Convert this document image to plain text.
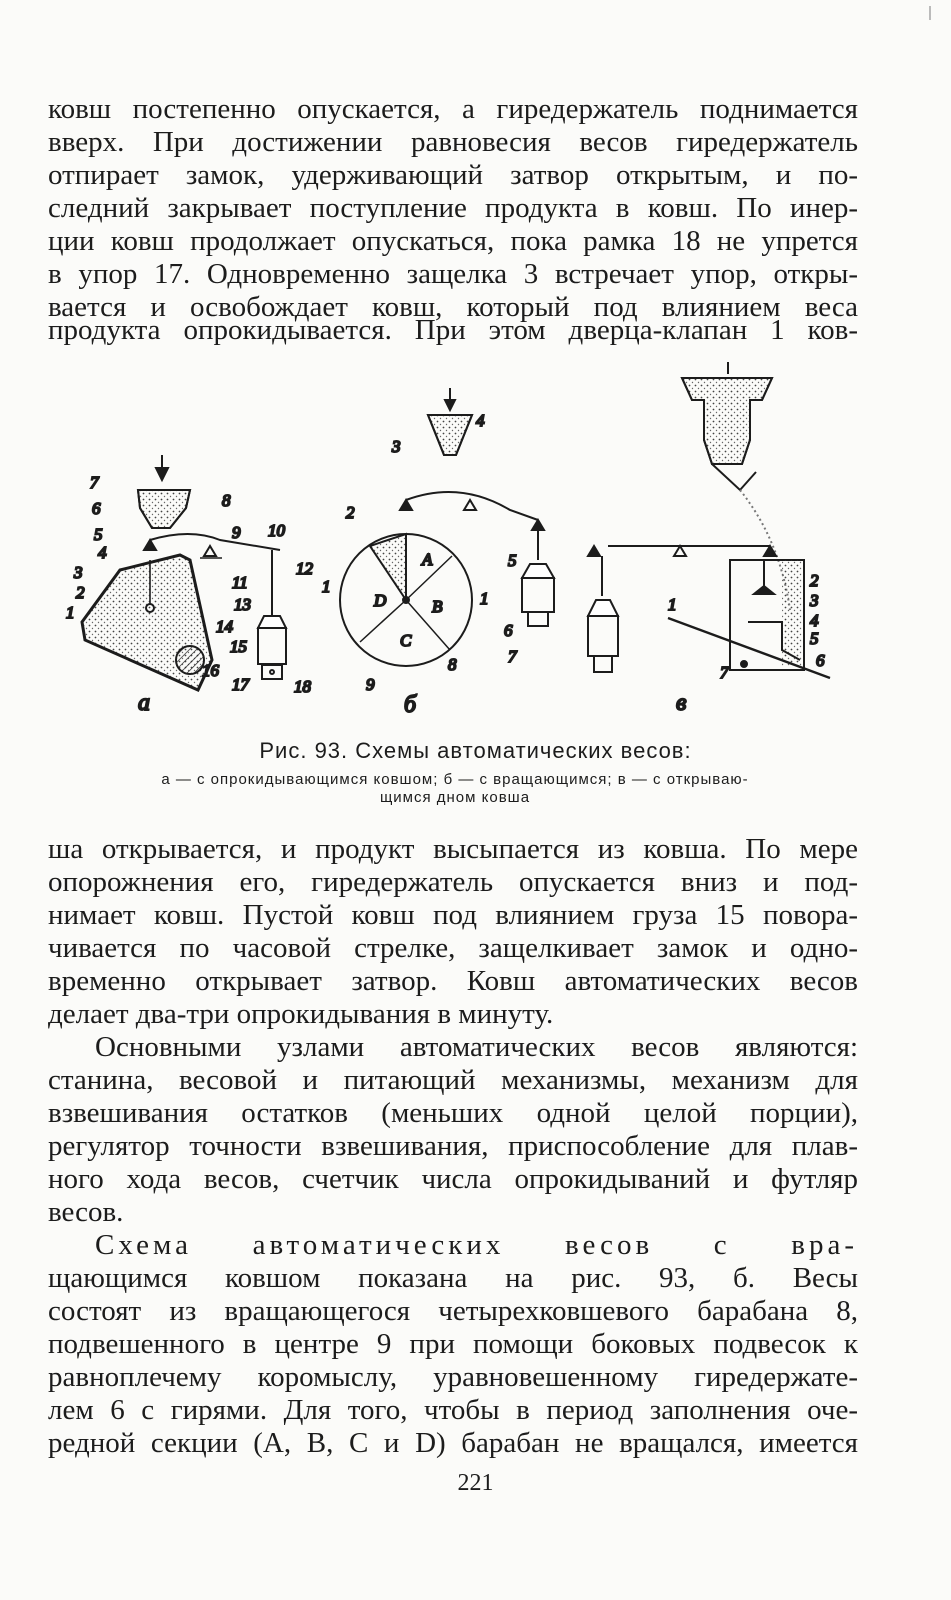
ковш постепенно опускается, а гиредержатель поднимается
вверх. При достижении равновесия весов гиредержатель
отпирает замок, удерживающий затвор открытым, и по-
следний закрывает поступление продукта в ковш. По инер-
ции ковш продолжает опускаться, пока рамка 18 не упрется
в упор 17. Одновременно защелка 3 встречает упор, откры-
вается и освобождает ковш, который под влиянием веса
продукта опрокидывается. При этом дверца-клапан 1 ков-
7
6
5
4
3
2
1
8
9 10
11
12
13
14
15
16
17	18
а
3
4
2
1
1
5
6
7
8
9
A
B
C
D
б
1
2
3
4
5
6
7
в
Рис. 93. Схемы автоматических весов:
а — с опрокидывающимся ковшом; б — с вращающимся; в — с открываю-
щимся дном ковша
ша открывается, и продукт высыпается из ковша. По мере
опорожнения его, гиредержатель опускается вниз и под-
нимает ковш. Пустой ковш под влиянием груза 15 повора-
чивается по часовой стрелке, защелкивает замок и одно-
временно открывает затвор. Ковш автоматических весов
делает два-три опрокидывания в минуту.
Основными узлами автоматических весов являются:
станина, весовой и питающий механизмы, механизм для
взвешивания остатков (меньших одной целой порции),
регулятор точности взвешивания, приспособление для плав-
ного хода весов, счетчик числа опрокидываний и футляр
весов.
Схема автоматических весов с вра-
щающимся ковшом показана на рис. 93, б. Весы
состоят из вращающегося четырехковшевого барабана 8,
подвешенного в центре 9 при помощи боковых подвесок к
равноплечему коромыслу, уравновешенному гиредержате-
лем 6 с гирями. Для того, чтобы в период заполнения оче-
редной секции (A, B, C и D) барабан не вращался, имеется
221
